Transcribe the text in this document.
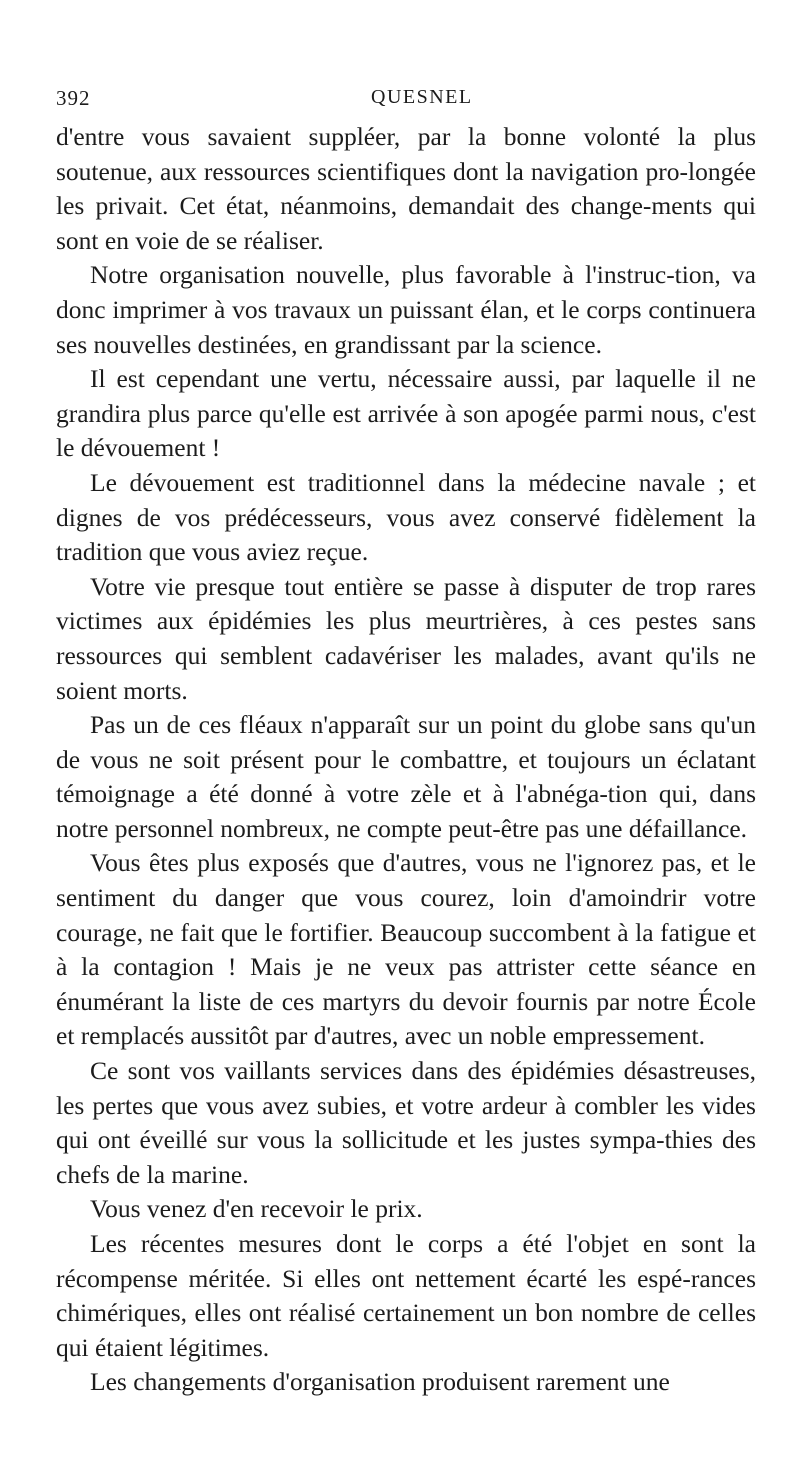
392	QUESNEL

d'entre vous savaient suppléer, par la bonne volonté la plus soutenue, aux ressources scientifiques dont la navigation pro-longée les privait. Cet état, néanmoins, demandait des change-ments qui sont en voie de se réaliser.

Notre organisation nouvelle, plus favorable à l'instruc-tion, va donc imprimer à vos travaux un puissant élan, et le corps continuera ses nouvelles destinées, en grandissant par la science.

Il est cependant une vertu, nécessaire aussi, par laquelle il ne grandira plus parce qu'elle est arrivée à son apogée parmi nous, c'est le dévouement !

Le dévouement est traditionnel dans la médecine navale ; et dignes de vos prédécesseurs, vous avez conservé fidèlement la tradition que vous aviez reçue.

Votre vie presque tout entière se passe à disputer de trop rares victimes aux épidémies les plus meurtrières, à ces pestes sans ressources qui semblent cadavériser les malades, avant qu'ils ne soient morts.

Pas un de ces fléaux n'apparaît sur un point du globe sans qu'un de vous ne soit présent pour le combattre, et toujours un éclatant témoignage a été donné à votre zèle et à l'abnéga-tion qui, dans notre personnel nombreux, ne compte peut-être pas une défaillance.

Vous êtes plus exposés que d'autres, vous ne l'ignorez pas, et le sentiment du danger que vous courez, loin d'amoindrir votre courage, ne fait que le fortifier. Beaucoup succombent à la fatigue et à la contagion ! Mais je ne veux pas attrister cette séance en énumérant la liste de ces martyrs du devoir fournis par notre École et remplacés aussitôt par d'autres, avec un noble empressement.

Ce sont vos vaillants services dans des épidémies désastreuses, les pertes que vous avez subies, et votre ardeur à combler les vides qui ont éveillé sur vous la sollicitude et les justes sympa-thies des chefs de la marine.

Vous venez d'en recevoir le prix.

Les récentes mesures dont le corps a été l'objet en sont la récompense méritée. Si elles ont nettement écarté les espé-rances chimériques, elles ont réalisé certainement un bon nombre de celles qui étaient légitimes.

Les changements d'organisation produisent rarement une
